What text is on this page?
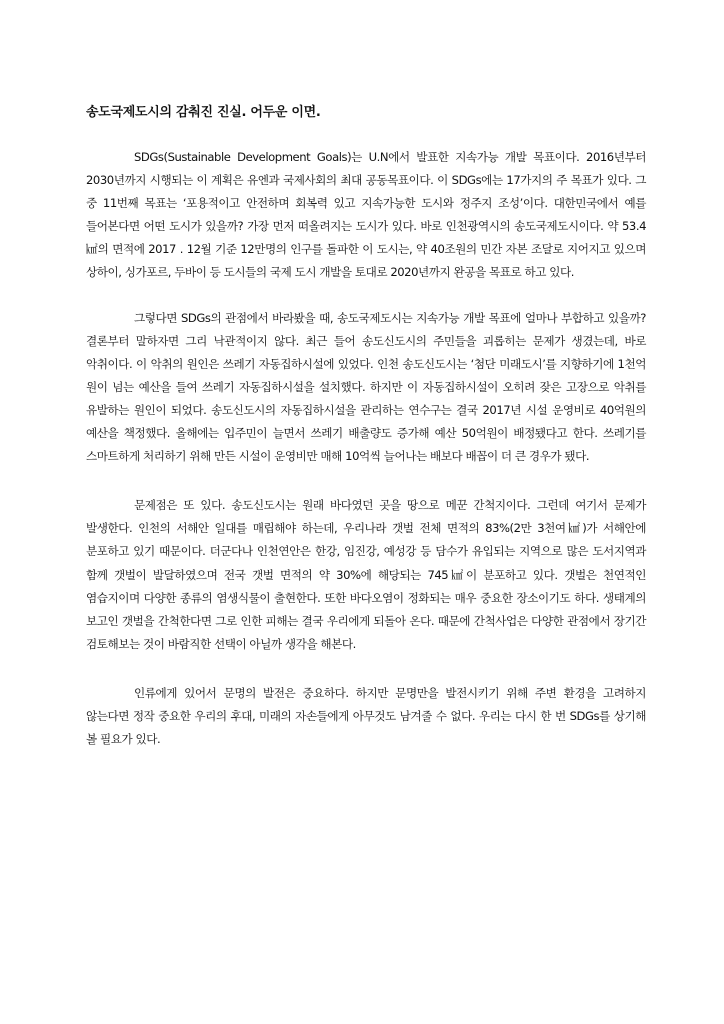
송도국제도시의 감춰진 진실. 어두운 이면.

SDGs(Sustainable Development Goals)는 U.N에서 발표한 지속가능 개발 목표이다. 2016년부터 2030년까지 시행되는 이 계획은 유엔과 국제사회의 최대 공동목표이다. 이 SDGs에는 17가지의 주 목표가 있다. 그 중 11번째 목표는 ‘포용적이고 안전하며 회복력 있고 지속가능한 도시와 정주지 조성’이다. 대한민국에서 예를 들어본다면 어떤 도시가 있을까? 가장 먼저 떠올려지는 도시가 있다. 바로 인천광역시의 송도국제도시이다. 약 53.4㎢의 면적에 2017 . 12월 기준 12만명의 인구를 돌파한 이 도시는, 약 40조원의 민간 자본 조달로 지어지고 있으며 상하이, 싱가포르, 두바이 등 도시들의 국제 도시 개발을 토대로 2020년까지 완공을 목표로 하고 있다.

그렇다면 SDGs의 관점에서 바라봤을 때, 송도국제도시는 지속가능 개발 목표에 얼마나 부합하고 있을까? 결론부터 말하자면 그리 낙관적이지 않다. 최근 들어 송도신도시의 주민들을 괴롭히는 문제가 생겼는데, 바로 악취이다. 이 악취의 원인은 쓰레기 자동집하시설에 있었다. 인천 송도신도시는 ‘첨단 미래도시’를 지향하기에 1천억 원이 넘는 예산을 들여 쓰레기 자동집하시설을 설치했다. 하지만 이 자동집하시설이 오히려 잦은 고장으로 악취를 유발하는 원인이 되었다. 송도신도시의 자동집하시설을 관리하는 연수구는 결국 2017년 시설 운영비로 40억원의 예산을 책정했다. 올해에는 입주민이 늘면서 쓰레기 배출량도 증가해 예산 50억원이 배정됐다고 한다. 쓰레기를 스마트하게 처리하기 위해 만든 시설이 운영비만 매해 10억씩 늘어나는 배보다 배꼽이 더 큰 경우가 됐다.

문제점은 또 있다. 송도신도시는 원래 바다였던 곳을 땅으로 메꾼 간척지이다. 그런데 여기서 문제가 발생한다. 인천의 서해안 일대를 매립해야 하는데, 우리나라 갯벌 전체 면적의 83%(2만 3천여㎢)가 서해안에 분포하고 있기 때문이다. 더군다나 인천연안은 한강, 임진강, 예성강 등 담수가 유입되는 지역으로 많은 도서지역과 함께 갯벌이 발달하였으며 전국 갯벌 면적의 약 30%에 해당되는 745㎢이 분포하고 있다. 갯벌은 천연적인 염습지이며 다양한 종류의 염생식물이 출현한다. 또한 바다오염이 정화되는 매우 중요한 장소이기도 하다. 생태계의 보고인 갯벌을 간척한다면 그로 인한 피해는 결국 우리에게 되돌아 온다. 때문에 간척사업은 다양한 관점에서 장기간 검토해보는 것이 바람직한 선택이 아닐까 생각을 해본다.

인류에게 있어서 문명의 발전은 중요하다. 하지만 문명만을 발전시키기 위해 주변 환경을 고려하지 않는다면 정작 중요한 우리의 후대, 미래의 자손들에게 아무것도 남겨줄 수 없다. 우리는 다시 한 번 SDGs를 상기해 볼 필요가 있다.
